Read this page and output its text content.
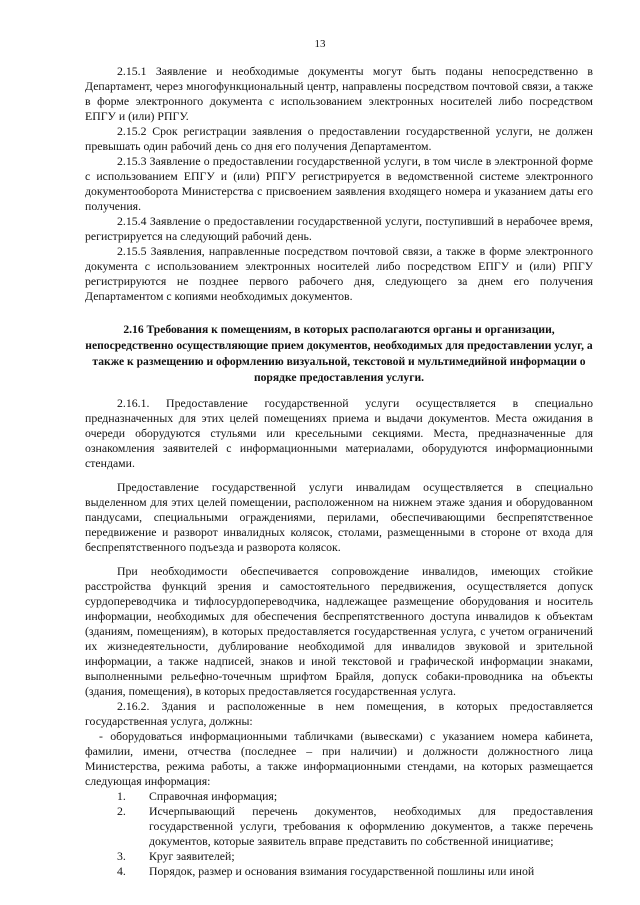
13

2.15.1 Заявление и необходимые документы могут быть поданы непосредственно в Департамент, через многофункциональный центр, направлены посредством почтовой связи, а также в форме электронного документа с использованием электронных носителей либо посредством ЕПГУ и (или) РПГУ.

2.15.2 Срок регистрации заявления о предоставлении государственной услуги, не должен превышать один рабочий день со дня его получения Департаментом.

2.15.3 Заявление о предоставлении государственной услуги, в том числе в электронной форме с использованием ЕПГУ и (или) РПГУ регистрируется в ведомственной системе электронного документооборота Министерства с присвоением заявления входящего номера и указанием даты его получения.

2.15.4 Заявление о предоставлении государственной услуги, поступивший в нерабочее время, регистрируется на следующий рабочий день.

2.15.5 Заявления, направленные посредством почтовой связи, а также в форме электронного документа с использованием электронных носителей либо посредством ЕПГУ и (или) РПГУ регистрируются не позднее первого рабочего дня, следующего за днем его получения Департаментом с копиями необходимых документов.

2.16 Требования к помещениям, в которых располагаются органы и организации, непосредственно осуществляющие прием документов, необходимых для предоставлении услуг, а также к размещению и оформлению визуальной, текстовой и мультимедийной информации о порядке предоставления услуги.

2.16.1. Предоставление государственной услуги осуществляется в специально предназначенных для этих целей помещениях приема и выдачи документов. Места ожидания в очереди оборудуются стульями или кресельными секциями. Места, предназначенные для ознакомления заявителей с информационными материалами, оборудуются информационными стендами.

Предоставление государственной услуги инвалидам осуществляется в специально выделенном для этих целей помещении, расположенном на нижнем этаже здания и оборудованном пандусами, специальными ограждениями, перилами, обеспечивающими беспрепятственное передвижение и разворот инвалидных колясок, столами, размещенными в стороне от входа для беспрепятственного подъезда и разворота колясок.

При необходимости обеспечивается сопровождение инвалидов, имеющих стойкие расстройства функций зрения и самостоятельного передвижения, осуществляется допуск сурдопереводчика и тифлосурдопереводчика, надлежащее размещение оборудования и носитель информации, необходимых для обеспечения беспрепятственного доступа инвалидов к объектам (зданиям, помещениям), в которых предоставляется государственная услуга, с учетом ограничений их жизнедеятельности, дублирование необходимой для инвалидов звуковой и зрительной информации, а также надписей, знаков и иной текстовой и графической информации знаками, выполненными рельефно-точечным шрифтом Брайля, допуск собаки-проводника на объекты (здания, помещения), в которых предоставляется государственная услуга.

2.16.2. Здания и расположенные в нем помещения, в которых предоставляется государственная услуга, должны:

- оборудоваться информационными табличками (вывесками) с указанием номера кабинета, фамилии, имени, отчества (последнее – при наличии) и должности должностного лица Министерства, режима работы, а также информационными стендами, на которых размещается следующая информация:

1.	Справочная информация;
2.	Исчерпывающий перечень документов, необходимых для предоставления государственной услуги, требования к оформлению документов, а также перечень документов, которые заявитель вправе представить по собственной инициативе;
3.	Круг заявителей;
4.	Порядок, размер и основания взимания государственной пошлины или иной
